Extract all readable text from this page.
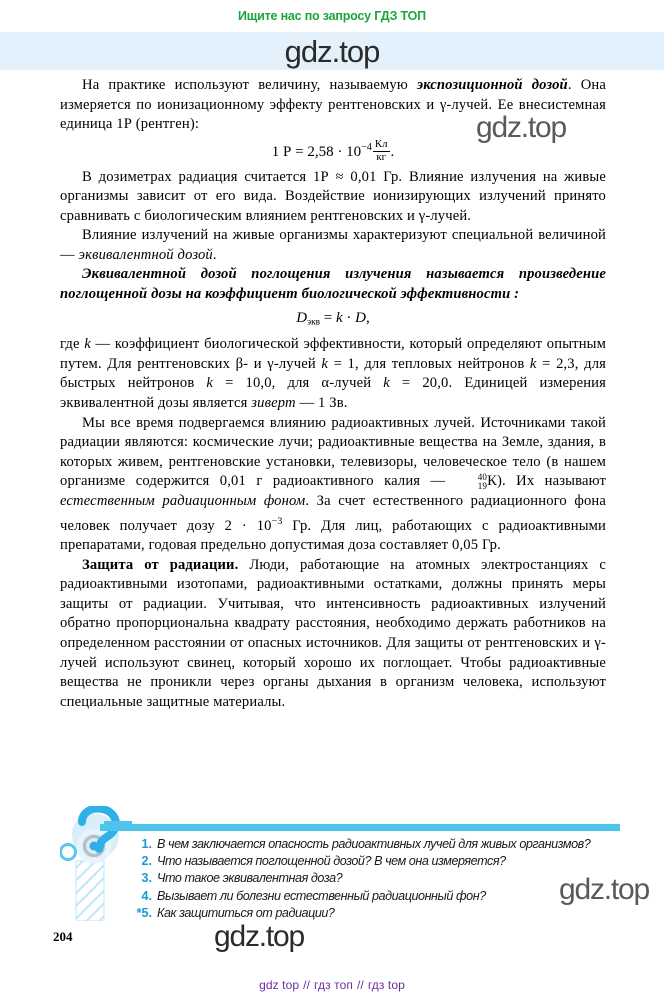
Ищите нас по запросу ГДЗ ТОП
gdz.top

На практике используют величину, называемую экспозиционной дозой. Она измеряется по ионизационному эффекту рентгеновских и γ-лучей. Ее внесистемная единица 1Р (рентген):

1 $Р = 2,58 \cdot 10^{-4} \frac{Кл}{кг}$ .

В дозиметрах радиация считается 1Р ≈ 0,01 Гр. Влияние излучения на живые организмы зависит от его вида. Воздействие ионизирующих излучений принято сравнивать с биологическим влиянием рентгеновских и γ-лучей.

Влияние излучений на живые организмы характеризуют специальной величиной — эквивалентной дозой.

Эквивалентной дозой поглощения излучения называется произведение поглощенной дозы на коэффициент биологической эффективности :

$D_{экв} = k \cdot D$,

где k — коэффициент биологической эффективности, который определяют опытным путем. Для рентгеновских β- и γ-лучей k = 1, для тепловых нейтронов k = 2,3, для быстрых нейтронов k = 10,0, для α-лучей k = 20,0. Единицей измерения эквивалентной дозы является зиверт — 1 Зв.

Мы все время подвергаемся влиянию радиоактивных лучей. Источниками такой радиации являются: космические лучи; радиоактивные вещества на Земле, здания, в которых живем, рентгеновские установки, телевизоры, человеческое тело (в нашем организме содержится 0,01 г радиоактивного калия —	40
19 К). Их называют естественным радиационным фоном. За счет естественного радиационного фона человек получает дозу $2 \cdot 10^{-3}$ Гр. Для лиц, работающих с радиоактивными препаратами, годовая предельно допустимая доза составляет 0,05 Гр.

Защита от радиации. Люди, работающие на атомных электростанциях с радиоактивными изотопами, радиоактивными остатками, должны принять меры защиты от радиации. Учитывая, что интенсивность радиоактивных излучений обратно пропорциональна квадрату расстояния, необходимо держать работников на определенном расстоянии от опасных источников. Для защиты от рентгеновских и γ-лучей используют свинец, который хорошо их поглощает. Чтобы радиоактивные вещества не проникли через органы дыхания в организм человека, используют специальные защитные материалы.

gdz.top
gdz.top
gdz.top
1. В чем заключается опасность радиоактивных лучей для живых организмов?
2. Что называется поглощенной дозой? В чем она измеряется?
3. Что такое эквивалентная доза?
4. Вызывает ли болезни естественный радиационный фон?
*5. Как защититься от радиации?
204
gdz top // гдз топ // гдз top
